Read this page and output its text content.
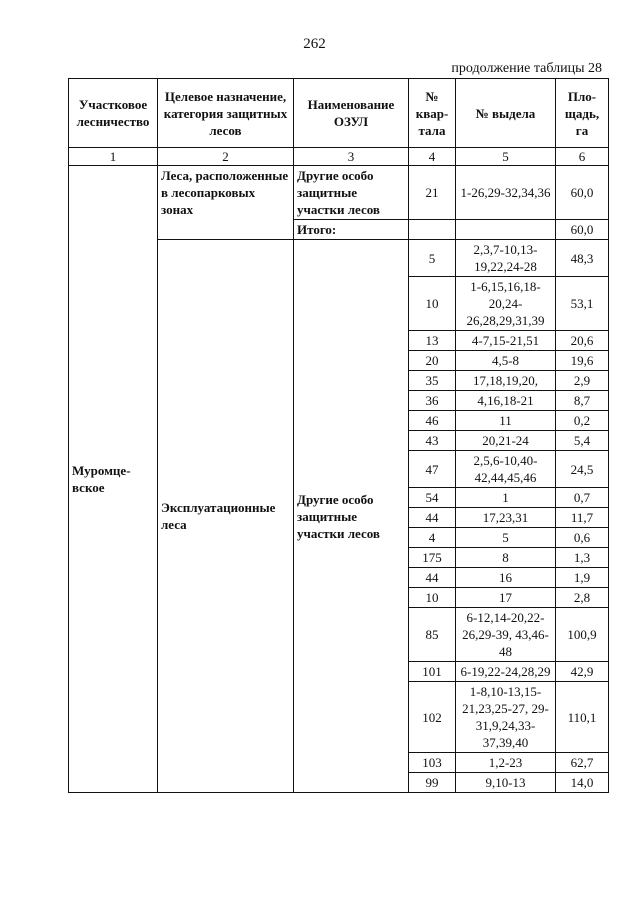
262
продолжение таблицы 28
Участковое лесничество	Целевое назначение, категория защитных лесов	Наименование ОЗУЛ	№ квар-тала	№ выдела	Пло-щадь, га
1	2	3	4	5	6
Муромце-вское	Леса, расположенные в лесопарковых зонах	Другие особо защитные участки лесов	21	1-26,29-32,34,36	60,0
		Итого:			60,0
	Эксплуатационные леса	Другие особо защитные участки лесов	5	2,3,7-10,13-19,22,24-28	48,3
			10	1-6,15,16,18-20,24-26,28,29,31,39	53,1
			13	4-7,15-21,51	20,6
			20	4,5-8	19,6
			35	17,18,19,20,	2,9
			36	4,16,18-21	8,7
			46	11	0,2
			43	20,21-24	5,4
			47	2,5,6-10,40-42,44,45,46	24,5
			54	1	0,7
			44	17,23,31	11,7
			4	5	0,6
			175	8	1,3
			44	16	1,9
			10	17	2,8
			85	6-12,14-20,22-26,29-39, 43,46-48	100,9
			101	6-19,22-24,28,29	42,9
			102	1-8,10-13,15-21,23,25-27, 29-31,9,24,33-37,39,40	110,1
			103	1,2-23	62,7
			99	9,10-13	14,0
